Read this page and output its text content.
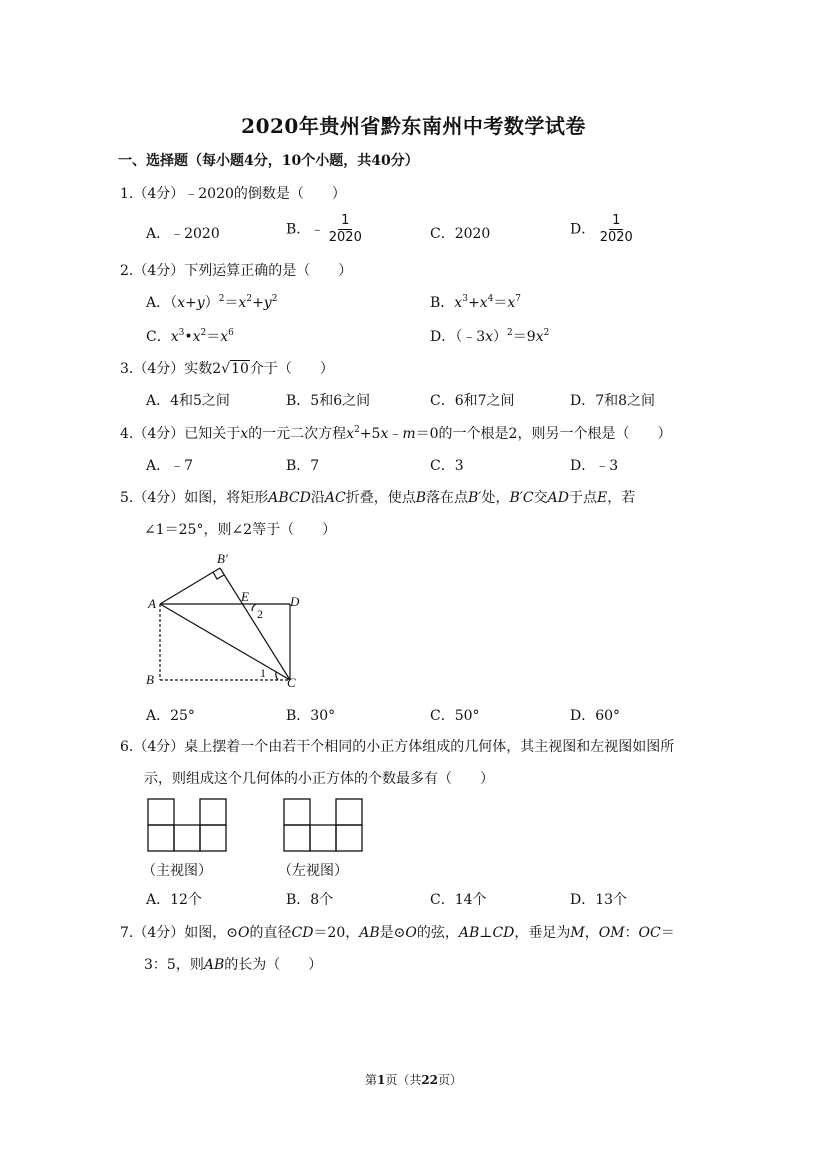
2020年贵州省黔东南州中考数学试卷
一、选择题（每小题4分，10个小题，共40分）
1.（4分）﹣2020的倒数是（　　）
A．﹣2020	B．﹣ $\frac{1}{2020}$	C．2020	D． $\frac{1}{2020}$
2.（4分）下列运算正确的是（　　）
A．$(x+y)^2=x^2+y^2$	B．$x^3+x^4=x^7$
C．$x^3•x^2=x^6$	D．$(﹣3x)^2=9x^2$
3.（4分）实数2√10介于（　　）
A．4和5之间	B．5和6之间	C．6和7之间	D．7和8之间
4.（4分）已知关于x的一元二次方程$x^2+5x﹣m=0$的一个根是2，则另一个根是（　　）
A．﹣7	B．7	C．3	D．﹣3
5.（4分）如图，将矩形ABCD沿AC折叠，使点B落在点B′处，B′C交AD于点E，若
∠1＝25°，则∠2等于（　　）
A
B	C
D
E
B′
2
1
A．25°	B．30°	C．50°	D．60°
6.（4分）桌上摆着一个由若干个相同的小正方体组成的几何体，其主视图和左视图如图所
示，则组成这个几何体的小正方体的个数最多有（　　）
（主视图）	（左视图）
A．12个	B．8个	C．14个	D．13个
7.（4分）如图，⊙O的直径CD＝20，AB是⊙O的弦，AB⊥CD，垂足为M，OM：OC＝
3：5，则AB的长为（　　）
第1页（共22页）
